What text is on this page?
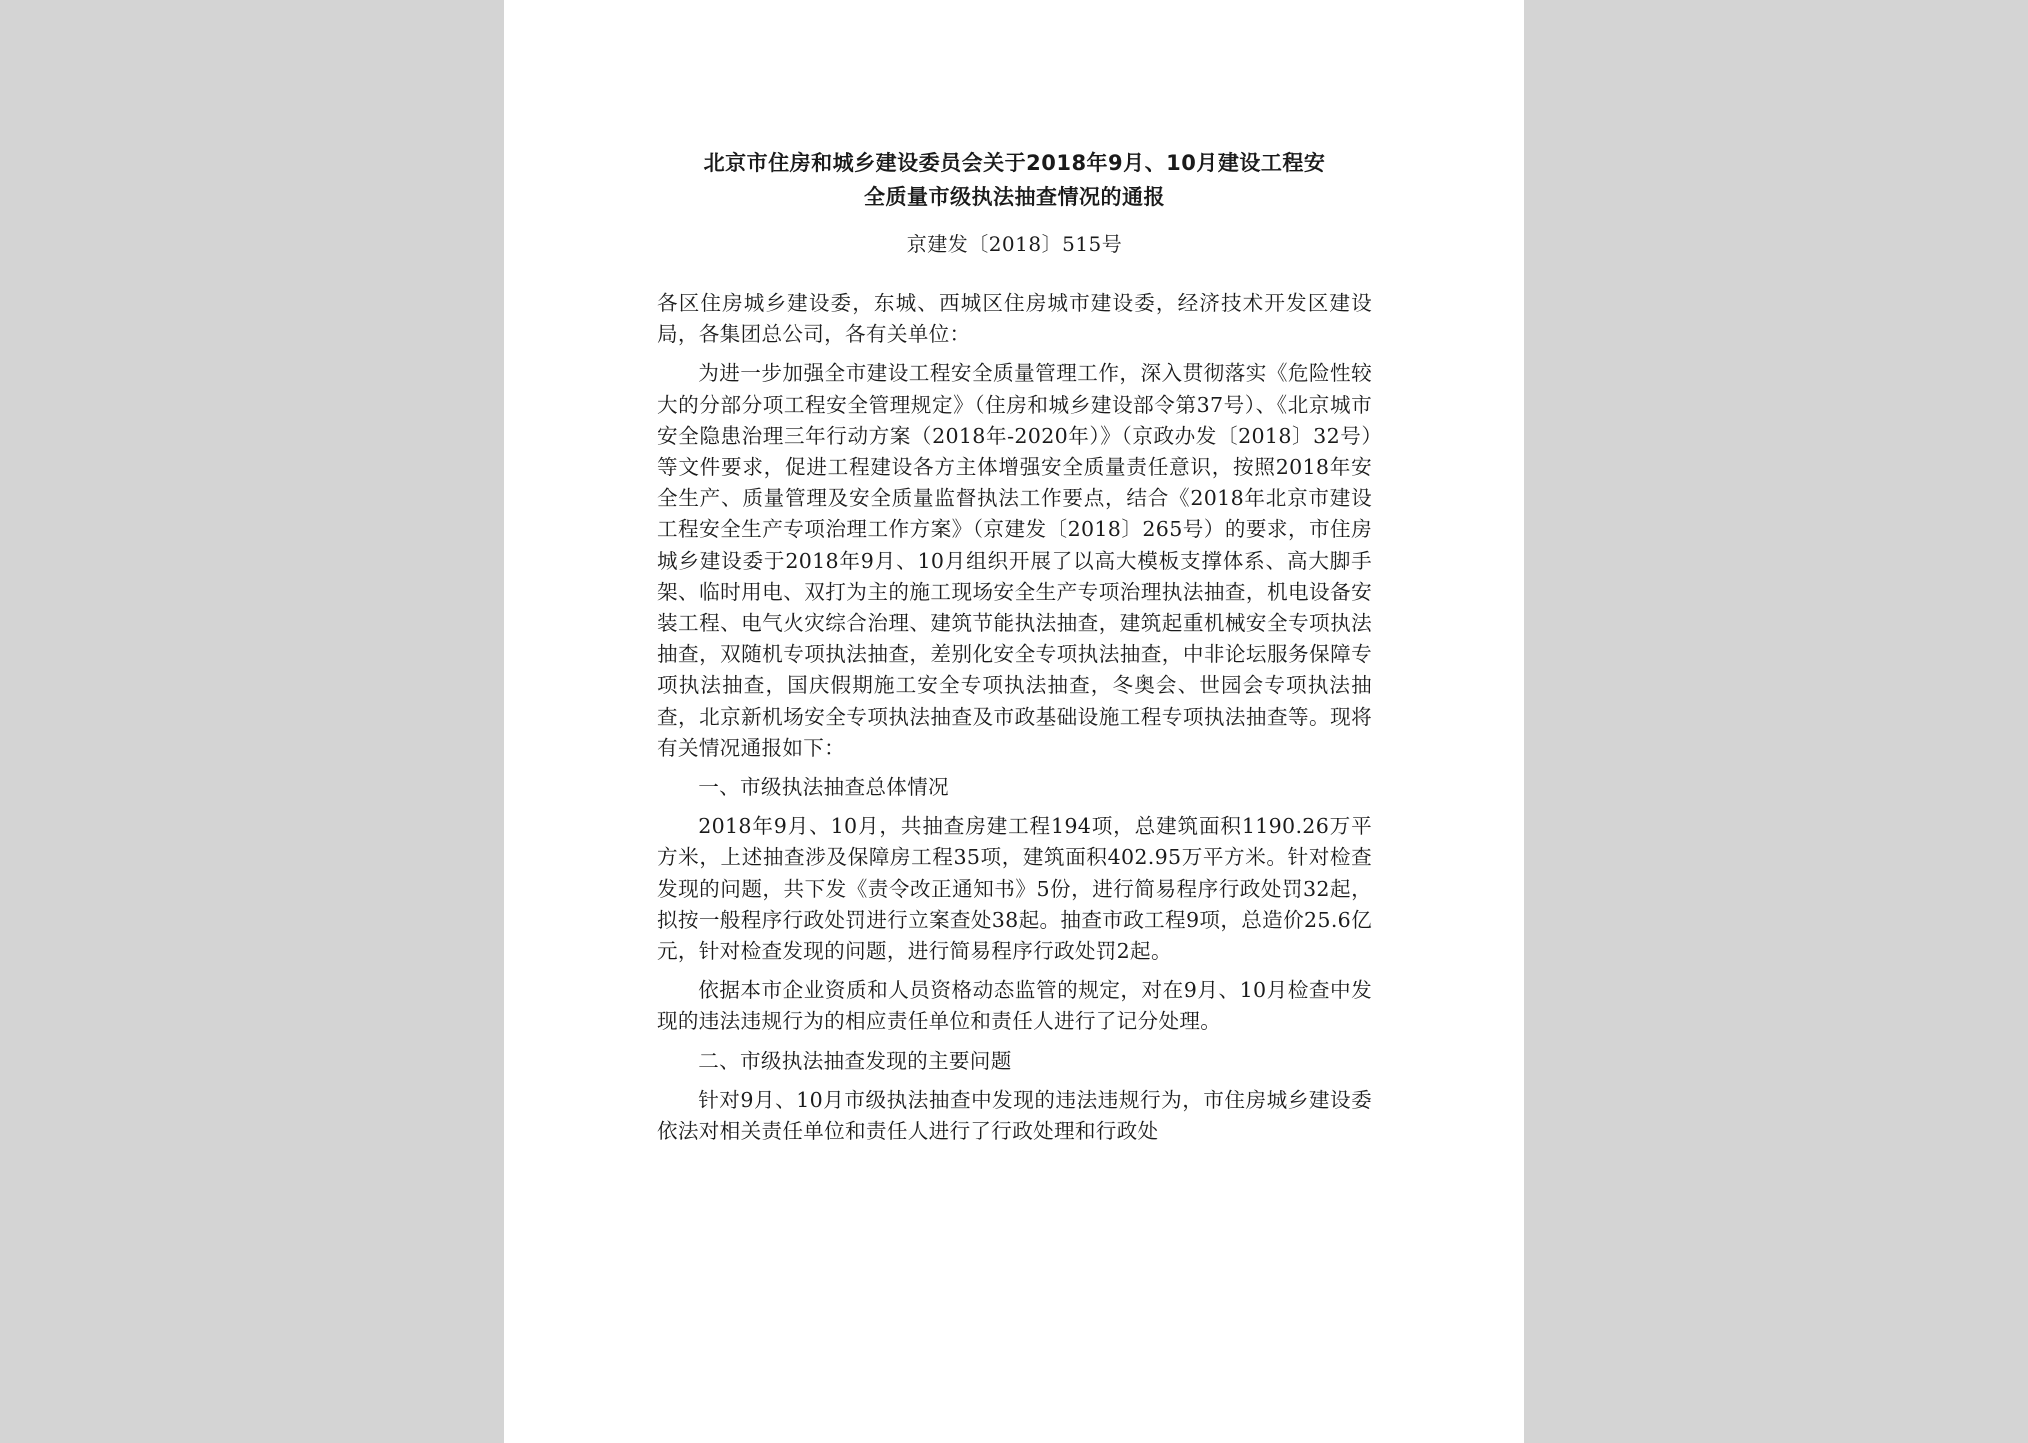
北京市住房和城乡建设委员会关于2018年9月、10月建设工程安
全质量市级执法抽查情况的通报
京建发〔2018〕515号

各区住房城乡建设委，东城、西城区住房城市建设委，经济技术开发区建设局，各集团总公司，各有关单位：

为进一步加强全市建设工程安全质量管理工作，深入贯彻落实《危险性较大的分部分项工程安全管理规定》（住房和城乡建设部令第37号）、《北京城市安全隐患治理三年行动方案（2018年-2020年）》（京政办发〔2018〕32号）等文件要求，促进工程建设各方主体增强安全质量责任意识，按照2018年安全生产、质量管理及安全质量监督执法工作要点，结合《2018年北京市建设工程安全生产专项治理工作方案》（京建发〔2018〕265号）的要求，市住房城乡建设委于2018年9月、10月组织开展了以高大模板支撑体系、高大脚手架、临时用电、双打为主的施工现场安全生产专项治理执法抽查，机电设备安装工程、电气火灾综合治理、建筑节能执法抽查，建筑起重机械安全专项执法抽查，双随机专项执法抽查，差别化安全专项执法抽查，中非论坛服务保障专项执法抽查，国庆假期施工安全专项执法抽查，冬奥会、世园会专项执法抽查，北京新机场安全专项执法抽查及市政基础设施工程专项执法抽查等。现将有关情况通报如下：

一、市级执法抽查总体情况

2018年9月、10月，共抽查房建工程194项，总建筑面积1190.26万平方米，上述抽查涉及保障房工程35项，建筑面积402.95万平方米。针对检查发现的问题，共下发《责令改正通知书》5份，进行简易程序行政处罚32起，拟按一般程序行政处罚进行立案查处38起。抽查市政工程9项，总造价25.6亿元，针对检查发现的问题，进行简易程序行政处罚2起。

依据本市企业资质和人员资格动态监管的规定，对在9月、10月检查中发现的违法违规行为的相应责任单位和责任人进行了记分处理。

二、市级执法抽查发现的主要问题

针对9月、10月市级执法抽查中发现的违法违规行为，市住房城乡建设委依法对相关责任单位和责任人进行了行政处理和行政处
